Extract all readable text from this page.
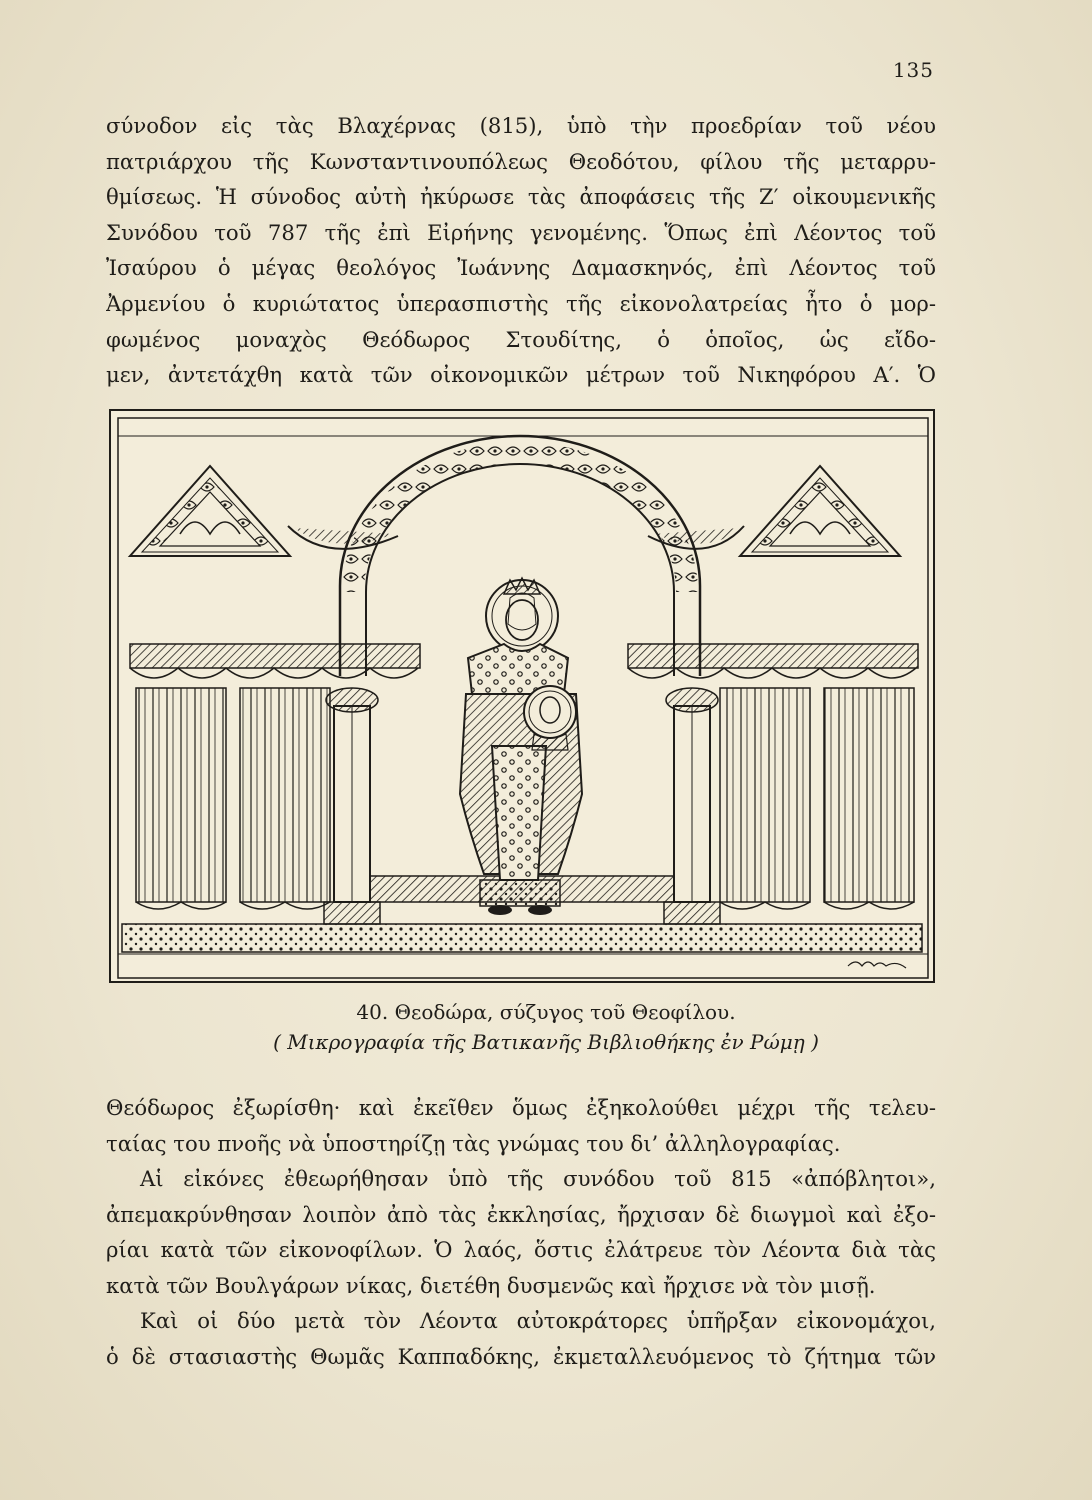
135
σύνοδον εἰς τὰς Βλαχέρνας (815), ὑπὸ τὴν προεδρίαν τοῦ νέου
πατριάρχου τῆς Κωνσταντινουπόλεως Θεοδότου, φίλου τῆς μεταρρυ-
θμίσεως. Ἡ σύνοδος αὐτὴ ἠκύρωσε τὰς ἀποφάσεις τῆς Ζ′ οἰκουμενικῆς
Συνόδου τοῦ 787 τῆς ἐπὶ Εἰρήνης γενομένης. Ὅπως ἐπὶ Λέοντος τοῦ
Ἰσαύρου ὁ μέγας θεολόγος Ἰωάννης Δαμασκηνός, ἐπὶ Λέοντος τοῦ
Ἀρμενίου ὁ κυριώτατος ὑπερασπιστὴς τῆς εἰκονολατρείας ἦτο ὁ μορ-
φωμένος μοναχὸς Θεόδωρος Στουδίτης, ὁ ὁποῖος, ὡς εἴδο-
μεν, ἀντετάχθη κατὰ τῶν οἰκονομικῶν μέτρων τοῦ Νικηφόρου Α′. Ὁ
40. Θεοδώρα, σύζυγος τοῦ Θεοφίλου.
( Μικρογραφία τῆς Βατικανῆς Βιβλιοθήκης ἐν Ρώμῃ )
Θεόδωρος ἐξωρίσθη· καὶ ἐκεῖθεν ὅμως ἐξηκολούθει μέχρι τῆς τελευ-
ταίας του πνοῆς νὰ ὑποστηρίζῃ τὰς γνώμας του δι’ ἀλληλογραφίας.
Αἱ εἰκόνες ἐθεωρήθησαν ὑπὸ τῆς συνόδου τοῦ 815 «ἀπόβλητοι»,
ἀπεμακρύνθησαν λοιπὸν ἀπὸ τὰς ἐκκλησίας, ἤρχισαν δὲ διωγμοὶ καὶ ἐξο-
ρίαι κατὰ τῶν εἰκονοφίλων. Ὁ λαός, ὅστις ἐλάτρευε τὸν Λέοντα διὰ τὰς
κατὰ τῶν Βουλγάρων νίκας, διετέθη δυσμενῶς καὶ ἤρχισε νὰ τὸν μισῇ.
Καὶ οἱ δύο μετὰ τὸν Λέοντα αὐτοκράτορες ὑπῆρξαν εἰκονομάχοι,
ὁ δὲ στασιαστὴς Θωμᾶς Καππαδόκης, ἐκμεταλλευόμενος τὸ ζήτημα τῶν
